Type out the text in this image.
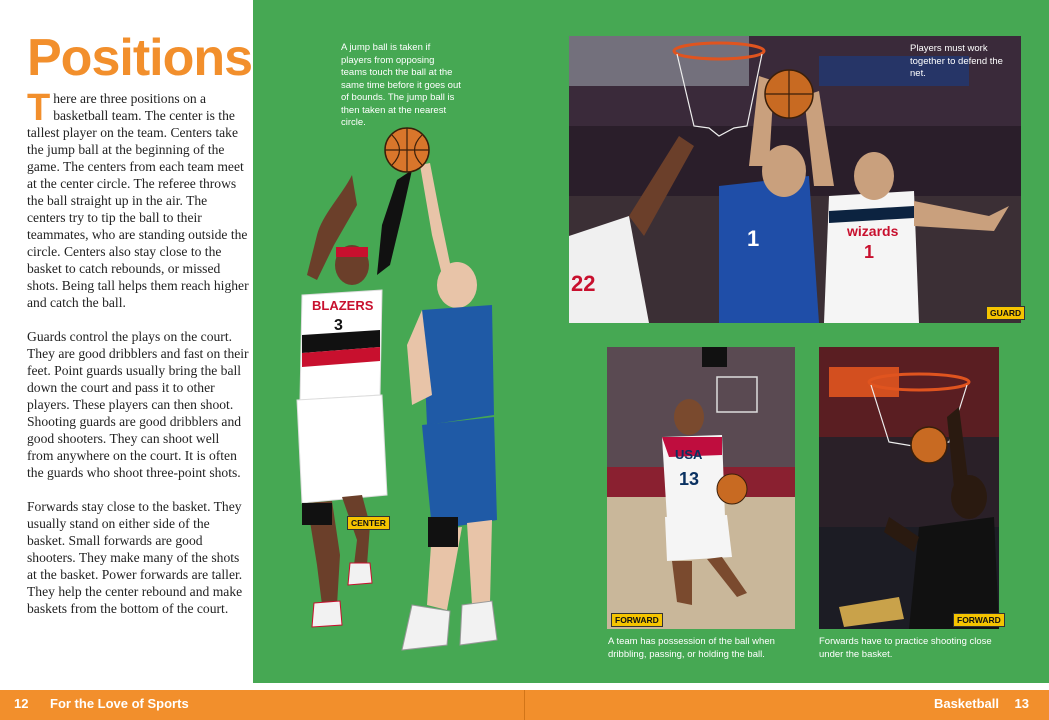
Positions

There are three positions on a basketball team. The center is the tallest player on the team. Centers take the jump ball at the beginning of the game. The centers from each team meet at the center circle. The referee throws the ball straight up in the air. The centers try to tip the ball to their teammates, who are standing outside the circle. Centers also stay close to the basket to catch rebounds, or missed shots. Being tall helps them reach higher and catch the ball.

Guards control the plays on the court. They are good dribblers and fast on their feet. Point guards usually bring the ball down the court and pass it to other players. These players can then shoot. Shooting guards are good dribblers and good shooters. They can shoot well from anywhere on the court. It is often the guards who shoot three-point shots.

Forwards stay close to the basket. They usually stand on either side of the basket. Small forwards are good shooters. They make many of the shots at the basket. Power forwards are taller. They help the center rebound and make baskets from the bottom of the court.

A jump ball is taken if players from opposing teams touch the ball at the same time before it goes out of bounds. The jump ball is then taken at the nearest circle.
BLAZERS
3
CENTER
1	wizards
1
22
Players must work together to defend the net.
GUARD
USA
13
FORWARD
A team has possession of the ball when dribbling, passing, or holding the ball.
FORWARD
Forwards have to practice shooting close under the basket.
12 For the Love of Sports	Basketball 13
